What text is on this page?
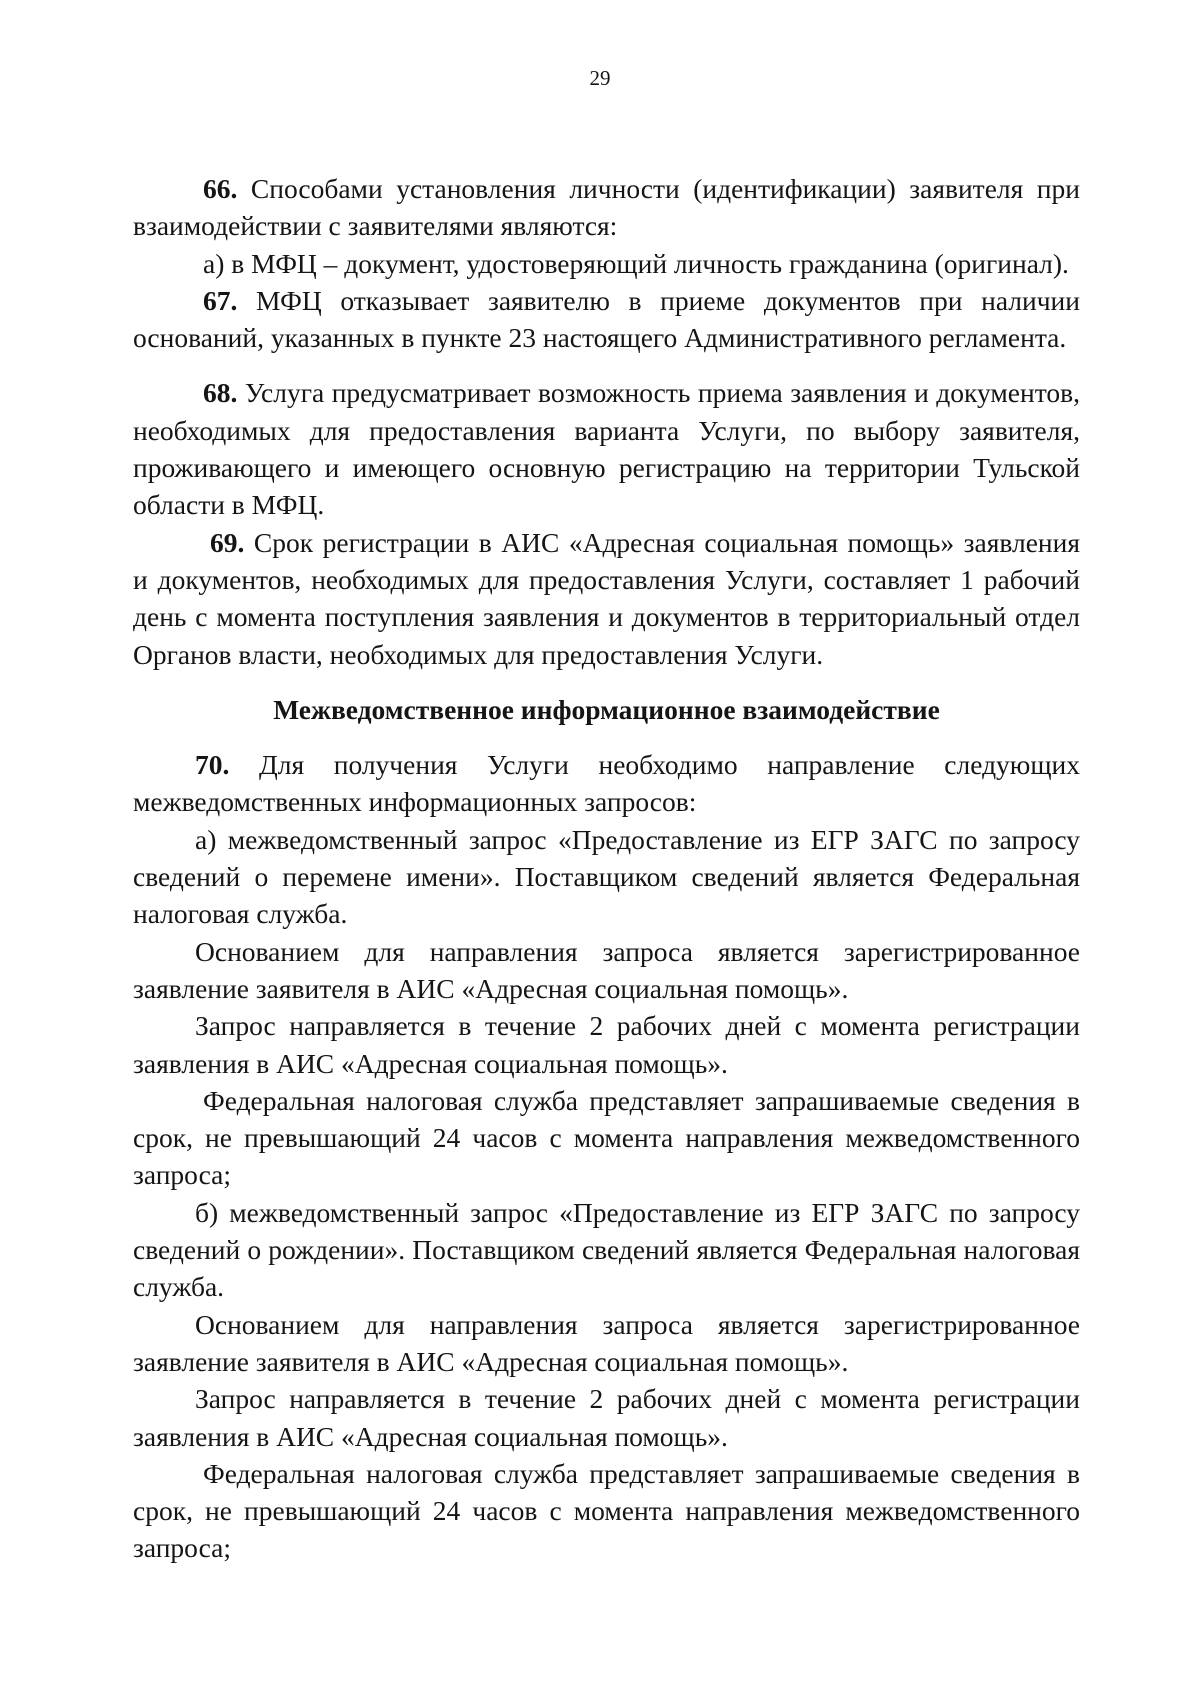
29

66. Способами установления личности (идентификации) заявителя при взаимодействии с заявителями являются:

а) в МФЦ – документ, удостоверяющий личность гражданина (оригинал).

67. МФЦ отказывает заявителю в приеме документов при наличии оснований, указанных в пункте 23 настоящего Административного регламента.

68. Услуга предусматривает возможность приема заявления и документов, необходимых для предоставления варианта Услуги, по выбору заявителя, проживающего и имеющего основную регистрацию на территории Тульской области в МФЦ.

69. Срок регистрации в АИС «Адресная социальная помощь» заявления и документов, необходимых для предоставления Услуги, составляет 1 рабочий день с момента поступления заявления и документов в территориальный отдел Органов власти, необходимых для предоставления Услуги.

Межведомственное информационное взаимодействие

70. Для получения Услуги необходимо направление следующих межведомственных информационных запросов:

а) межведомственный запрос «Предоставление из ЕГР ЗАГС по запросу сведений о перемене имени». Поставщиком сведений является Федеральная налоговая служба.

Основанием для направления запроса является зарегистрированное заявление заявителя в АИС «Адресная социальная помощь».

Запрос направляется в течение 2 рабочих дней с момента регистрации заявления в АИС «Адресная социальная помощь».

Федеральная налоговая служба представляет запрашиваемые сведения в срок, не превышающий 24 часов с момента направления межведомственного запроса;

б) межведомственный запрос «Предоставление из ЕГР ЗАГС по запросу сведений о рождении». Поставщиком сведений является Федеральная налоговая служба.

Основанием для направления запроса является зарегистрированное заявление заявителя в АИС «Адресная социальная помощь».

Запрос направляется в течение 2 рабочих дней с момента регистрации заявления в АИС «Адресная социальная помощь».

Федеральная налоговая служба представляет запрашиваемые сведения в срок, не превышающий 24 часов с момента направления межведомственного запроса;
